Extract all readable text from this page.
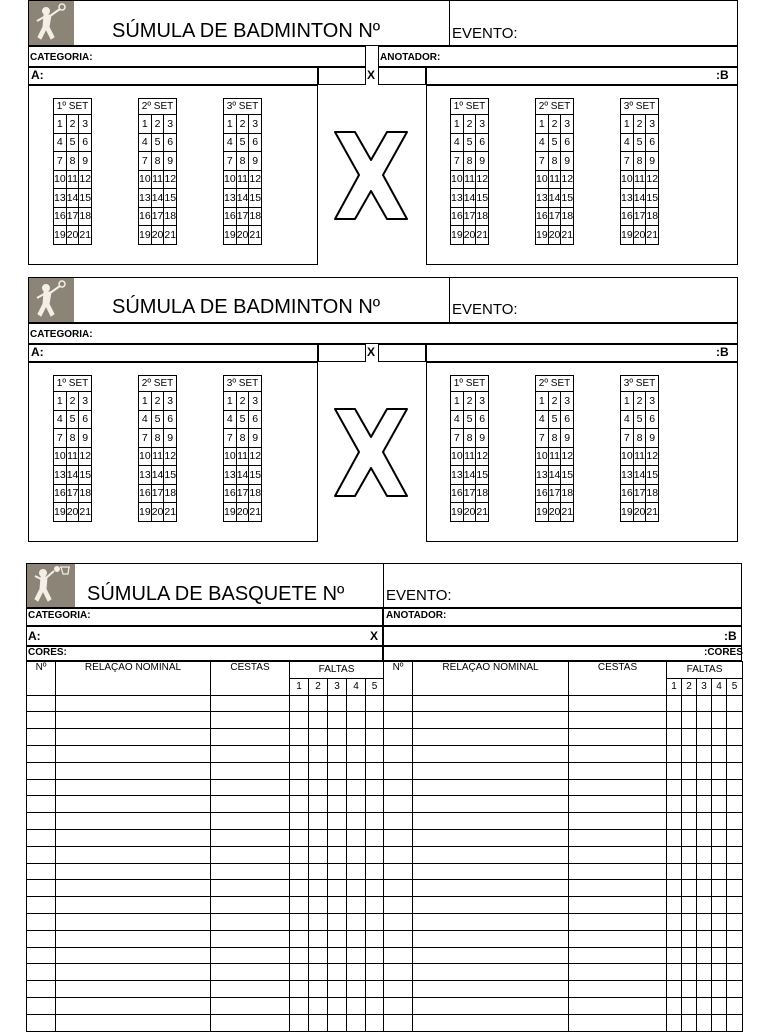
SÚMULA DE BADMINTON Nº	EVENTO:
CATEGORIA:	ANOTADOR:
A:	X	:B
1º SET		
1	2	3
4	5	6
7	8	9
10	11	12
13	14	15
16	17	18
19	20	21
2º SET		
1	2	3
4	5	6
7	8	9
10	11	12
13	14	15
16	17	18
19	20	21
3º SET		
1	2	3
4	5	6
7	8	9
10	11	12
13	14	15
16	17	18
19	20	21
1º SET		
1	2	3
4	5	6
7	8	9
10	11	12
13	14	15
16	17	18
19	20	21
2º SET		
1	2	3
4	5	6
7	8	9
10	11	12
13	14	15
16	17	18
19	20	21
3º SET		
1	2	3
4	5	6
7	8	9
10	11	12
13	14	15
16	17	18
19	20	21
SÚMULA DE BADMINTON Nº	EVENTO:
CATEGORIA:
A:	X	:B
1º SET		
1	2	3
4	5	6
7	8	9
10	11	12
13	14	15
16	17	18
19	20	21
2º SET		
1	2	3
4	5	6
7	8	9
10	11	12
13	14	15
16	17	18
19	20	21
3º SET		
1	2	3
4	5	6
7	8	9
10	11	12
13	14	15
16	17	18
19	20	21
1º SET		
1	2	3
4	5	6
7	8	9
10	11	12
13	14	15
16	17	18
19	20	21
2º SET		
1	2	3
4	5	6
7	8	9
10	11	12
13	14	15
16	17	18
19	20	21
3º SET		
1	2	3
4	5	6
7	8	9
10	11	12
13	14	15
16	17	18
19	20	21
SÚMULA DE BASQUETE Nº	EVENTO:
CATEGORIA:	ANOTADOR:
A:	X	:B
CORES:	:CORES
Nº	RELAÇÃO NOMINAL	CESTAS	FALTAS				
			1	2	3	4	5

Nº	RELAÇÃO NOMINAL	CESTAS	FALTAS				
			1	2	3	4	5
